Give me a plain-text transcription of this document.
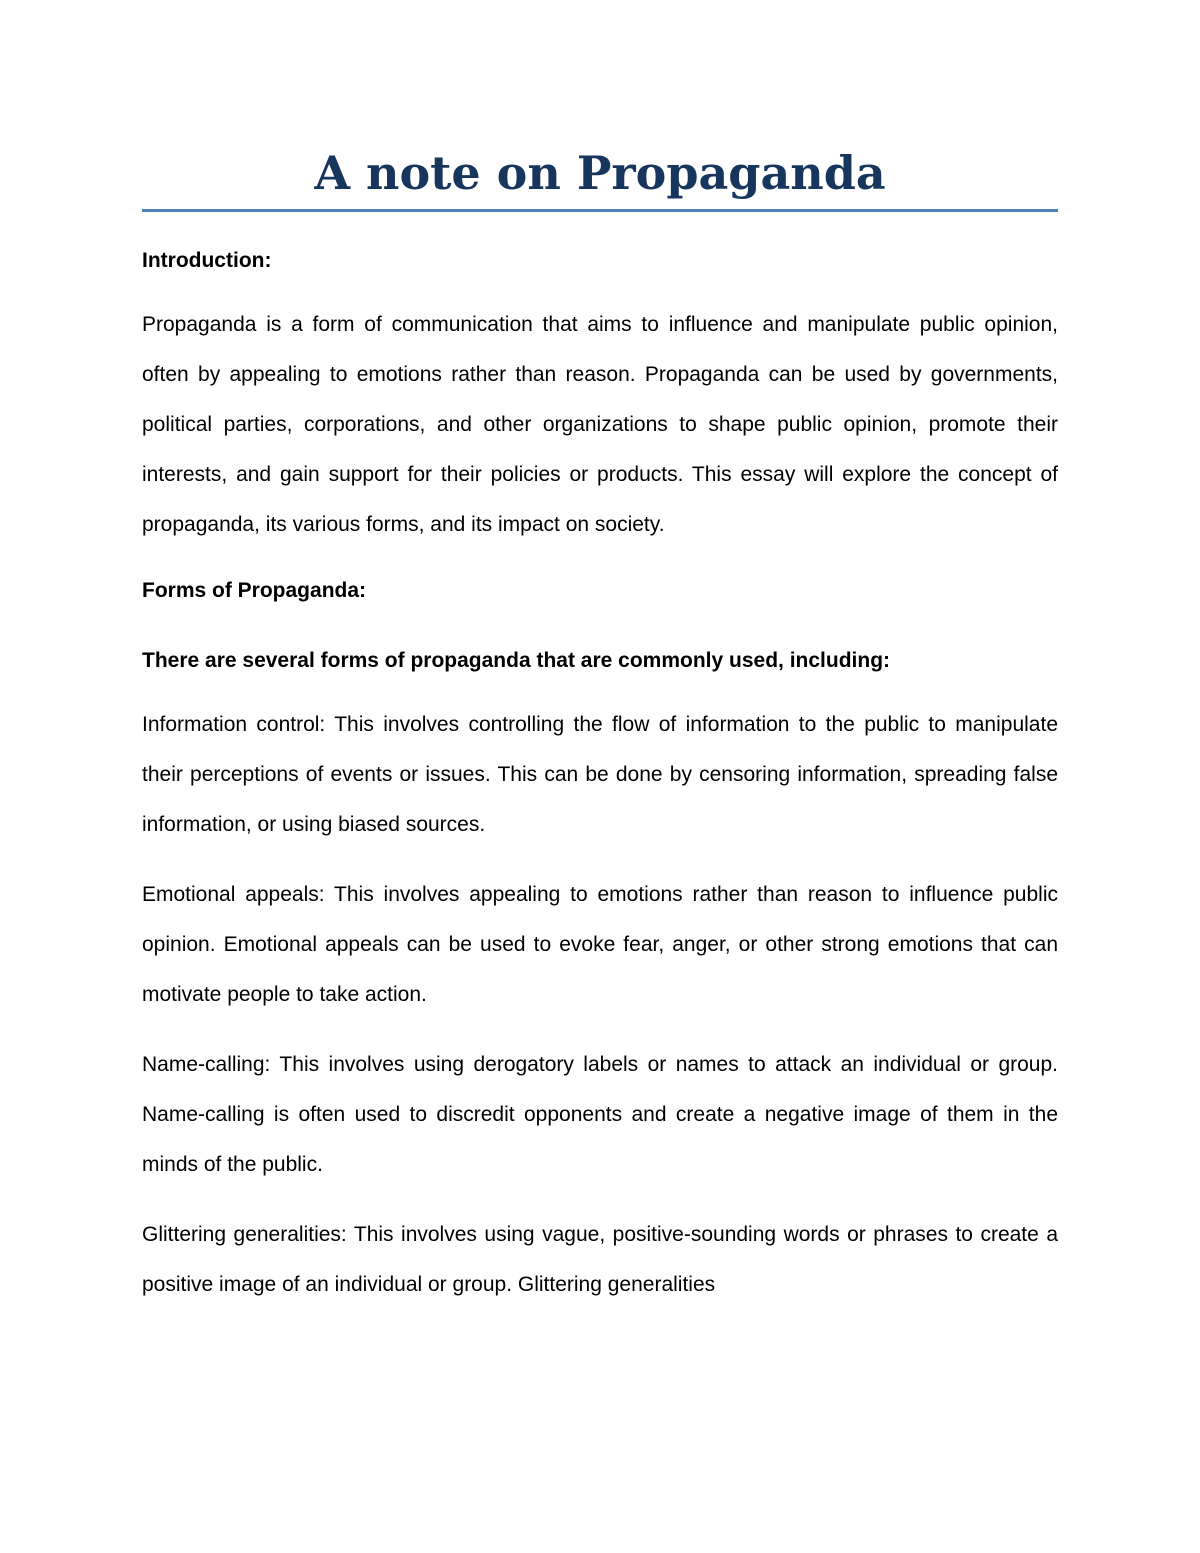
A note on Propaganda

Introduction:

Propaganda is a form of communication that aims to influence and manipulate public opinion, often by appealing to emotions rather than reason. Propaganda can be used by governments, political parties, corporations, and other organizations to shape public opinion, promote their interests, and gain support for their policies or products. This essay will explore the concept of propaganda, its various forms, and its impact on society.

Forms of Propaganda:

There are several forms of propaganda that are commonly used, including:

Information control: This involves controlling the flow of information to the public to manipulate their perceptions of events or issues. This can be done by censoring information, spreading false information, or using biased sources.

Emotional appeals: This involves appealing to emotions rather than reason to influence public opinion. Emotional appeals can be used to evoke fear, anger, or other strong emotions that can motivate people to take action.

Name-calling: This involves using derogatory labels or names to attack an individual or group. Name-calling is often used to discredit opponents and create a negative image of them in the minds of the public.

Glittering generalities: This involves using vague, positive-sounding words or phrases to create a positive image of an individual or group. Glittering generalities
